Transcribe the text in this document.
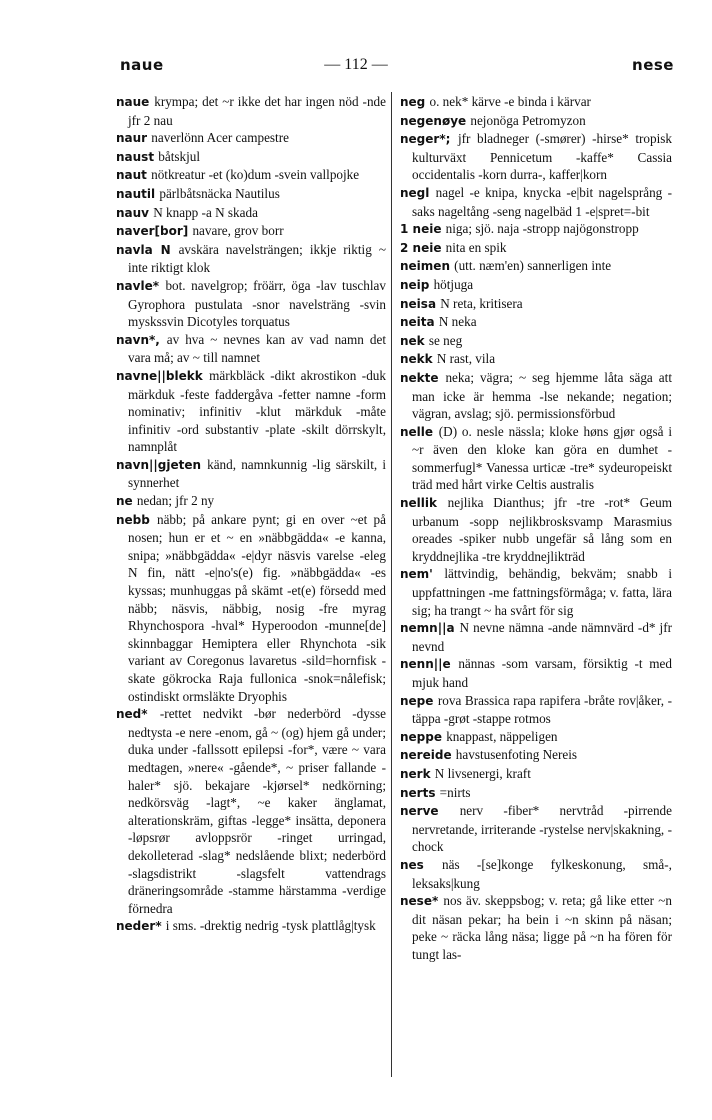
naue	— 112 —	nese

naue krympa; det ~r ikke det har ingen nöd -nde jfr 2 nau

naur naverlönn Acer campestre

naust båtskjul

naut nötkreatur -et (ko)dum -svein vallpojke

nautil pärlbåtsnäcka Nautilus

nauv N knapp -a N skada

naver[bor] navare, grov borr

navla N avskära navelsträngen; ikkje riktig ~ inte riktigt klok

navle* bot. navelgrop; fröärr, öga -lav tuschlav Gyrophora pustulata -snor navelsträng -svin myskssvin Dicotyles torquatus

navn*, av hva ~ nevnes kan av vad namn det vara må; av ~ till namnet

navne||blekk märkbläck -dikt akrostikon -duk märkduk -feste faddergåva -fetter namne -form nominativ; infinitiv -klut märkduk -måte infinitiv -ord substantiv -plate -skilt dörrskylt, namnplåt

navn||gjeten känd, namnkunnig -lig särskilt, i synnerhet

ne nedan; jfr 2 ny

nebb näbb; på ankare pynt; gi en over ~et på nosen; hun er et ~ en »näbbgädda« -e kanna, snipa; »näbbgädda« -e|dyr näsvis varelse -eleg N fin, nätt -e|no's(e) fig. »näbbgädda« -es kyssas; munhuggas på skämt -et(e) försedd med näbb; näsvis, näbbig, nosig -fre myrag Rhynchospora -hval* Hyperoodon -munne[de] skinnbaggar Hemiptera eller Rhynchota -sik variant av Coregonus lavaretus -sild=hornfisk -skate gökrocka Raja fullonica -snok=nålefisk; ostindiskt ormsläkte Dryophis

ned* -rettet nedvikt -bør nederbörd -dysse nedtysta -e nere -enom, gå ~ (og) hjem gå under; duka under -fallssott epilepsi -for*, være ~ vara medtagen, »nere« -gående*, ~ priser fallande -haler* sjö. bekajare -kjørsel* nedkörning; nedkörsväg -lagt*, ~e kaker änglamat, alterationskräm, giftas -legge* insätta, deponera -løpsrør avloppsrör -ringet urringad, dekolleterad -slag* nedslående blixt; nederbörd -slagsdistrikt -slagsfelt vattendrags dräneringsområde -stamme härstamma -verdige förnedra

neder* i sms. -drektig nedrig -tysk plattlåg|tysk

neg o. nek* kärve -e binda i kärvar

negenøye nejonöga Petromyzon

neger*; jfr bladneger (-smører) -hirse* tropisk kulturväxt Pennicetum -kaffe* Cassia occidentalis -korn durra-, kaffer|korn

negl nagel -e knipa, knycka -e|bit nagelsprång -saks nageltång -seng nagelbäd 1 -e|spret=-bit

1 neie niga; sjö. naja -stropp najögonstropp

2 neie nita en spik

neimen (utt. næm'en) sannerligen inte

neip hötjuga

neisa N reta, kritisera

neita N neka

nek se neg

nekk N rast, vila

nekte neka; vägra; ~ seg hjemme låta säga att man icke är hemma -lse nekande; negation; vägran, avslag; sjö. permissionsförbud

nelle (D) o. nesle nässla; kloke høns gjør også i ~r även den kloke kan göra en dumhet -sommerfugl* Vanessa urticæ -tre* sydeuropeiskt träd med hårt virke Celtis australis

nellik nejlika Dianthus; jfr -tre -rot* Geum urbanum -sopp nejlikbrosksvamp Marasmius oreades -spiker nubb ungefär så lång som en kryddnejlika -tre kryddnejlikträd

nem' lättvindig, behändig, bekväm; snabb i uppfattningen -me fattningsförmåga; v. fatta, lära sig; ha trangt ~ ha svårt för sig

nemn||a N nevne nämna -ande nämnvärd -d* jfr nevnd

nenn||e nännas -som varsam, försiktig -t med mjuk hand

nepe rova Brassica rapa rapifera -bråte rov|åker, -täppa -grøt -stappe rotmos

neppe knappast, näppeligen

nereide havstusenfoting Nereis

nerk N livsenergi, kraft

nerts =nirts

nerve nerv -fiber* nervtråd -pirrende nervretande, irriterande -rystelse nerv|skakning, -chock

nes näs -[se]konge fylkeskonung, små-, leksaks|kung

nese* nos äv. skeppsbog; v. reta; gå like etter ~n dit näsan pekar; ha bein i ~n skinn på näsan; peke ~ räcka lång näsa; ligge på ~n ha fören för tungt las-
